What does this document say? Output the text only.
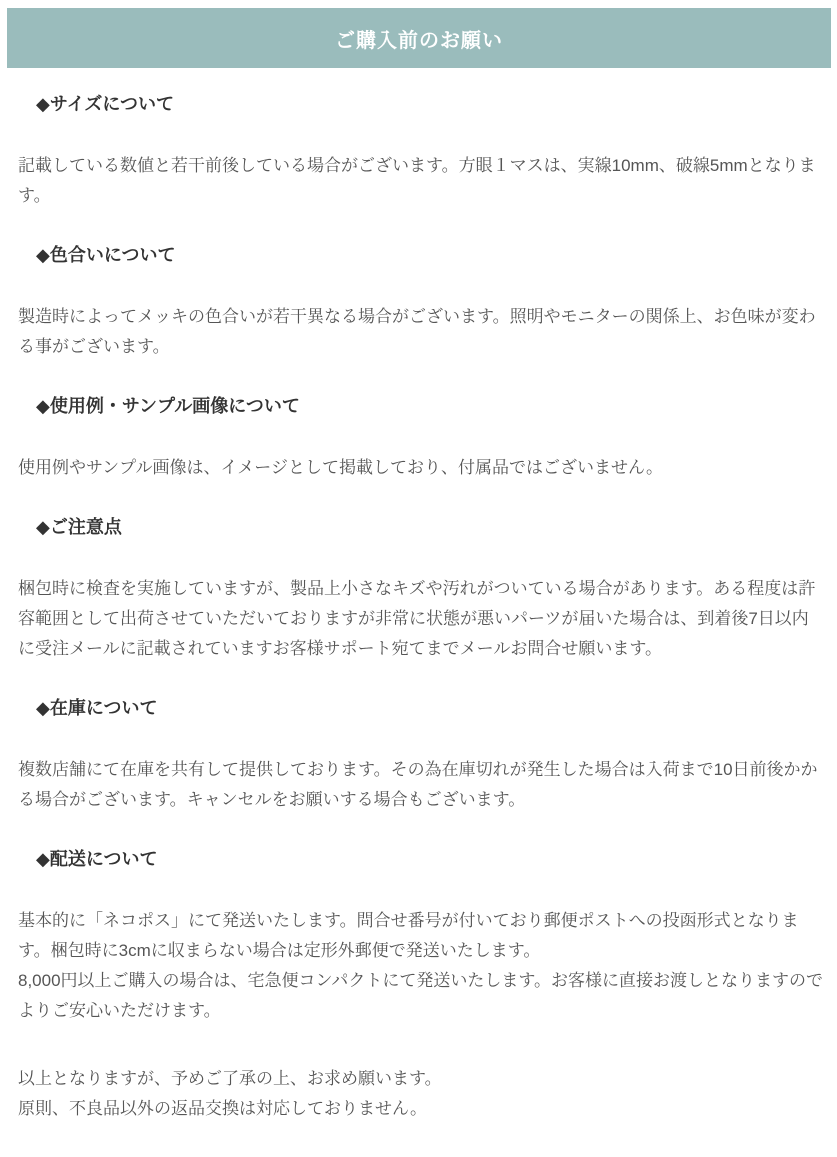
ご購入前のお願い
◆サイズについて

記載している数値と若干前後している場合がございます。方眼１マスは、実線10mm、破線5mmとなります。

◆色合いについて

製造時によってメッキの色合いが若干異なる場合がございます。照明やモニターの関係上、お色味が変わる事がございます。

◆使用例・サンプル画像について

使用例やサンプル画像は、イメージとして掲載しており、付属品ではございません。

◆ご注意点

梱包時に検査を実施していますが、製品上小さなキズや汚れがついている場合があります。ある程度は許容範囲として出荷させていただいておりますが非常に状態が悪いパーツが届いた場合は、到着後7日以内に受注メールに記載されていますお客様サポート宛てまでメールお問合せ願います。

◆在庫について

複数店舗にて在庫を共有して提供しております。その為在庫切れが発生した場合は入荷まで10日前後かかる場合がございます。キャンセルをお願いする場合もございます。

◆配送について

基本的に「ネコポス」にて発送いたします。問合せ番号が付いており郵便ポストへの投函形式となります。梱包時に3cmに収まらない場合は定形外郵便で発送いたします。

8,000円以上ご購入の場合は、宅急便コンパクトにて発送いたします。お客様に直接お渡しとなりますのでよりご安心いただけます。

以上となりますが、予めご了承の上、お求め願います。

原則、不良品以外の返品交換は対応しておりません。
